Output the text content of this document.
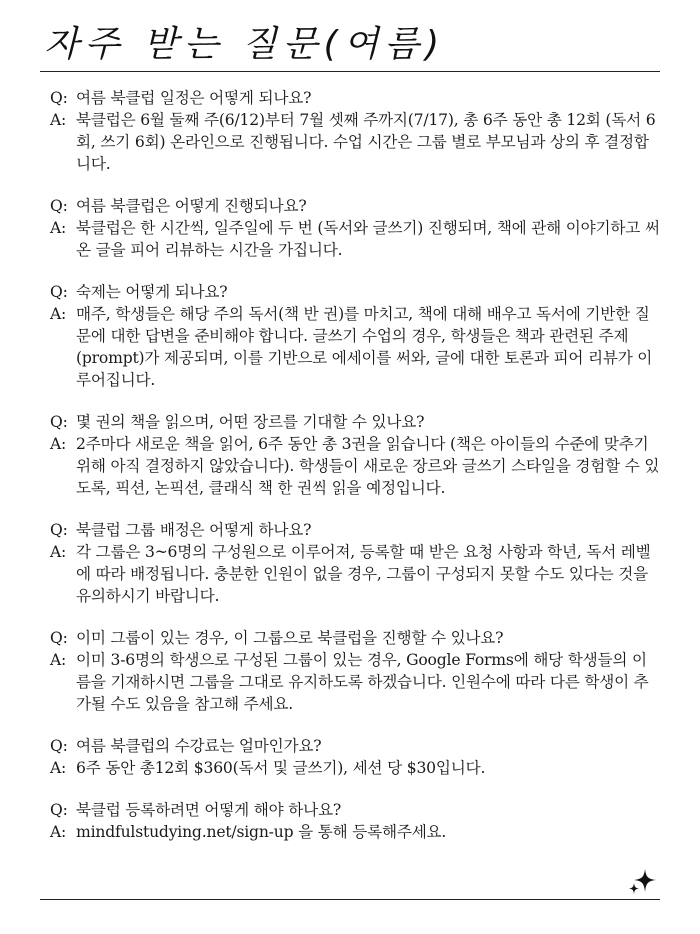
자주 받는 질문(여름)
Q: 여름 북클럽 일정은 어떻게 되나요?
A: 북클럽은 6월 둘째 주(6/12)부터 7월 셋째 주까지(7/17), 총 6주 동안 총 12회 (독서 6회, 쓰기 6회) 온라인으로 진행됩니다. 수업 시간은 그룹 별로 부모님과 상의 후 결정합니다.
Q: 여름 북클럽은 어떻게 진행되나요?
A: 북클럽은 한 시간씩, 일주일에 두 번 (독서와 글쓰기) 진행되며, 책에 관해 이야기하고 써온 글을 피어 리뷰하는 시간을 가집니다.
Q: 숙제는 어떻게 되나요?
A: 매주, 학생들은 해당 주의 독서(책 반 권)를 마치고, 책에 대해 배우고 독서에 기반한 질문에 대한 답변을 준비해야 합니다. 글쓰기 수업의 경우, 학생들은 책과 관련된 주제(prompt)가 제공되며, 이를 기반으로 에세이를 써와, 글에 대한 토론과 피어 리뷰가 이루어집니다.
Q: 몇 권의 책을 읽으며, 어떤 장르를 기대할 수 있나요?
A: 2주마다 새로운 책을 읽어, 6주 동안 총 3권을 읽습니다 (책은 아이들의 수준에 맞추기 위해 아직 결정하지 않았습니다). 학생들이 새로운 장르와 글쓰기 스타일을 경험할 수 있도록, 픽션, 논픽션, 클래식 책 한 권씩 읽을 예정입니다.
Q: 북클럽 그룹 배정은 어떻게 하나요?
A: 각 그룹은 3~6명의 구성원으로 이루어져, 등록할 때 받은 요청 사항과 학년, 독서 레벨에 따라 배정됩니다. 충분한 인원이 없을 경우, 그룹이 구성되지 못할 수도 있다는 것을 유의하시기 바랍니다.
Q: 이미 그룹이 있는 경우, 이 그룹으로 북클럽을 진행할 수 있나요?
A: 이미 3-6명의 학생으로 구성된 그룹이 있는 경우, Google Forms에 해당 학생들의 이름을 기재하시면 그룹을 그대로 유지하도록 하겠습니다. 인원수에 따라 다른 학생이 추가될 수도 있음을 참고해 주세요.
Q: 여름 북클럽의 수강료는 얼마인가요?
A: 6주 동안 총12회 $360(독서 및 글쓰기), 세션 당 $30입니다.
Q: 북클럽 등록하려면 어떻게 해야 하나요?
A: mindfulstudying.net/sign-up 을 통해 등록해주세요.
